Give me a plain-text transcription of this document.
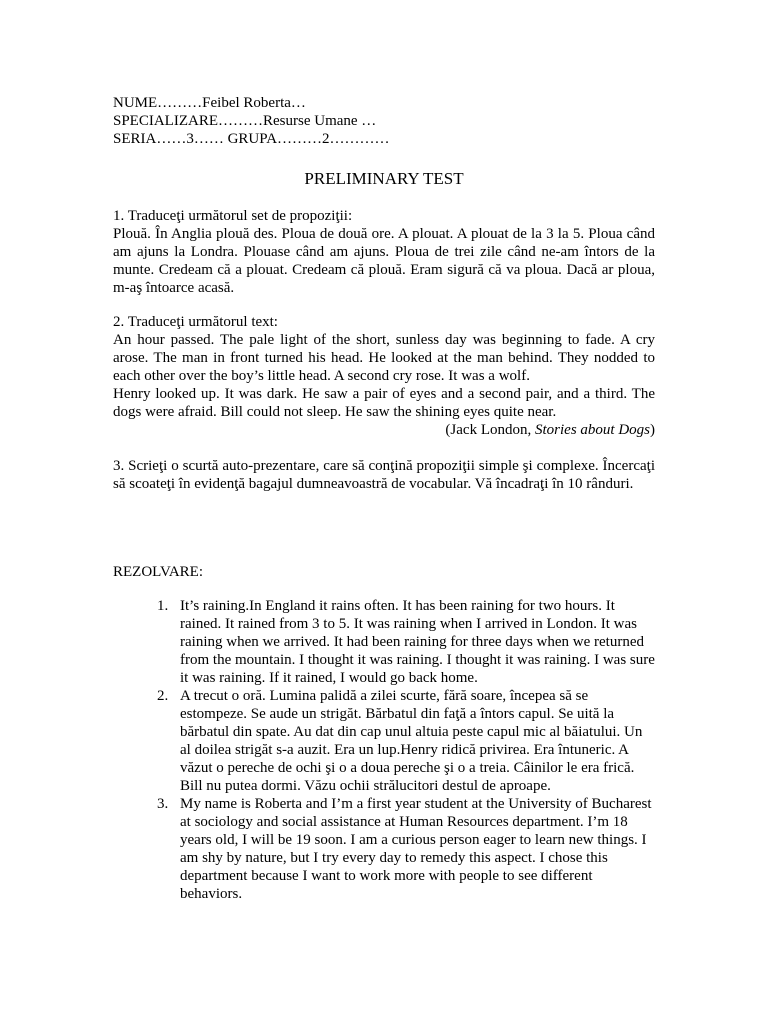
NUME………Feibel Roberta…
SPECIALIZARE………Resurse Umane …
SERIA……3…… GRUPA………2…………
PRELIMINARY TEST

1. Traduceţi următorul set de propoziţii:

Plouă. În Anglia plouă des. Ploua de două ore. A plouat. A plouat de la 3 la 5. Ploua când am ajuns la Londra. Plouase când am ajuns. Ploua de trei zile când ne-am întors de la munte. Credeam că a plouat. Credeam că plouă. Eram sigură că va ploua. Dacă ar ploua, m-aş întoarce acasă.

2. Traduceţi următorul text:

An hour passed. The pale light of the short, sunless day was beginning to fade. A cry arose. The man in front turned his head. He looked at the man behind. They nodded to each other over the boy’s little head. A second cry rose. It was a wolf.

Henry looked up. It was dark. He saw a pair of eyes and a second pair, and a third. The dogs were afraid. Bill could not sleep. He saw the shining eyes quite near.

(Jack London, Stories about Dogs)

3. Scrieţi o scurtă auto-prezentare, care să conţină propoziţii simple şi complexe. Încercaţi să scoateţi în evidenţă bagajul dumneavoastră de vocabular. Vă încadraţi în 10 rânduri.

REZOLVARE:
1. It’s raining.In England it rains often. It has been raining for two hours. It rained. It rained from 3 to 5. It was raining when I arrived in London. It was raining when we arrived. It had been raining for three days when we returned from the mountain. I thought it was raining. I thought it was raining. I was sure it was raining. If it rained, I would go back home.
2. A trecut o oră. Lumina palidă a zilei scurte, fără soare, începea să se estompeze. Se aude un strigăt. Bărbatul din faţă a întors capul. Se uită la bărbatul din spate. Au dat din cap unul altuia peste capul mic al băiatului. Un al doilea strigăt s-a auzit. Era un lup.Henry ridică privirea. Era întuneric. A văzut o pereche de ochi şi o a doua pereche şi o a treia. Câinilor le era frică. Bill nu putea dormi. Văzu ochii strălucitori destul de aproape.
3. My name is Roberta and I’m a first year student at the University of Bucharest at sociology and social assistance at Human Resources department. I’m 18 years old, I will be 19 soon. I am a curious person eager to learn new things. I am shy by nature, but I try every day to remedy this aspect. I chose this department because I want to work more with people to see different behaviors.
